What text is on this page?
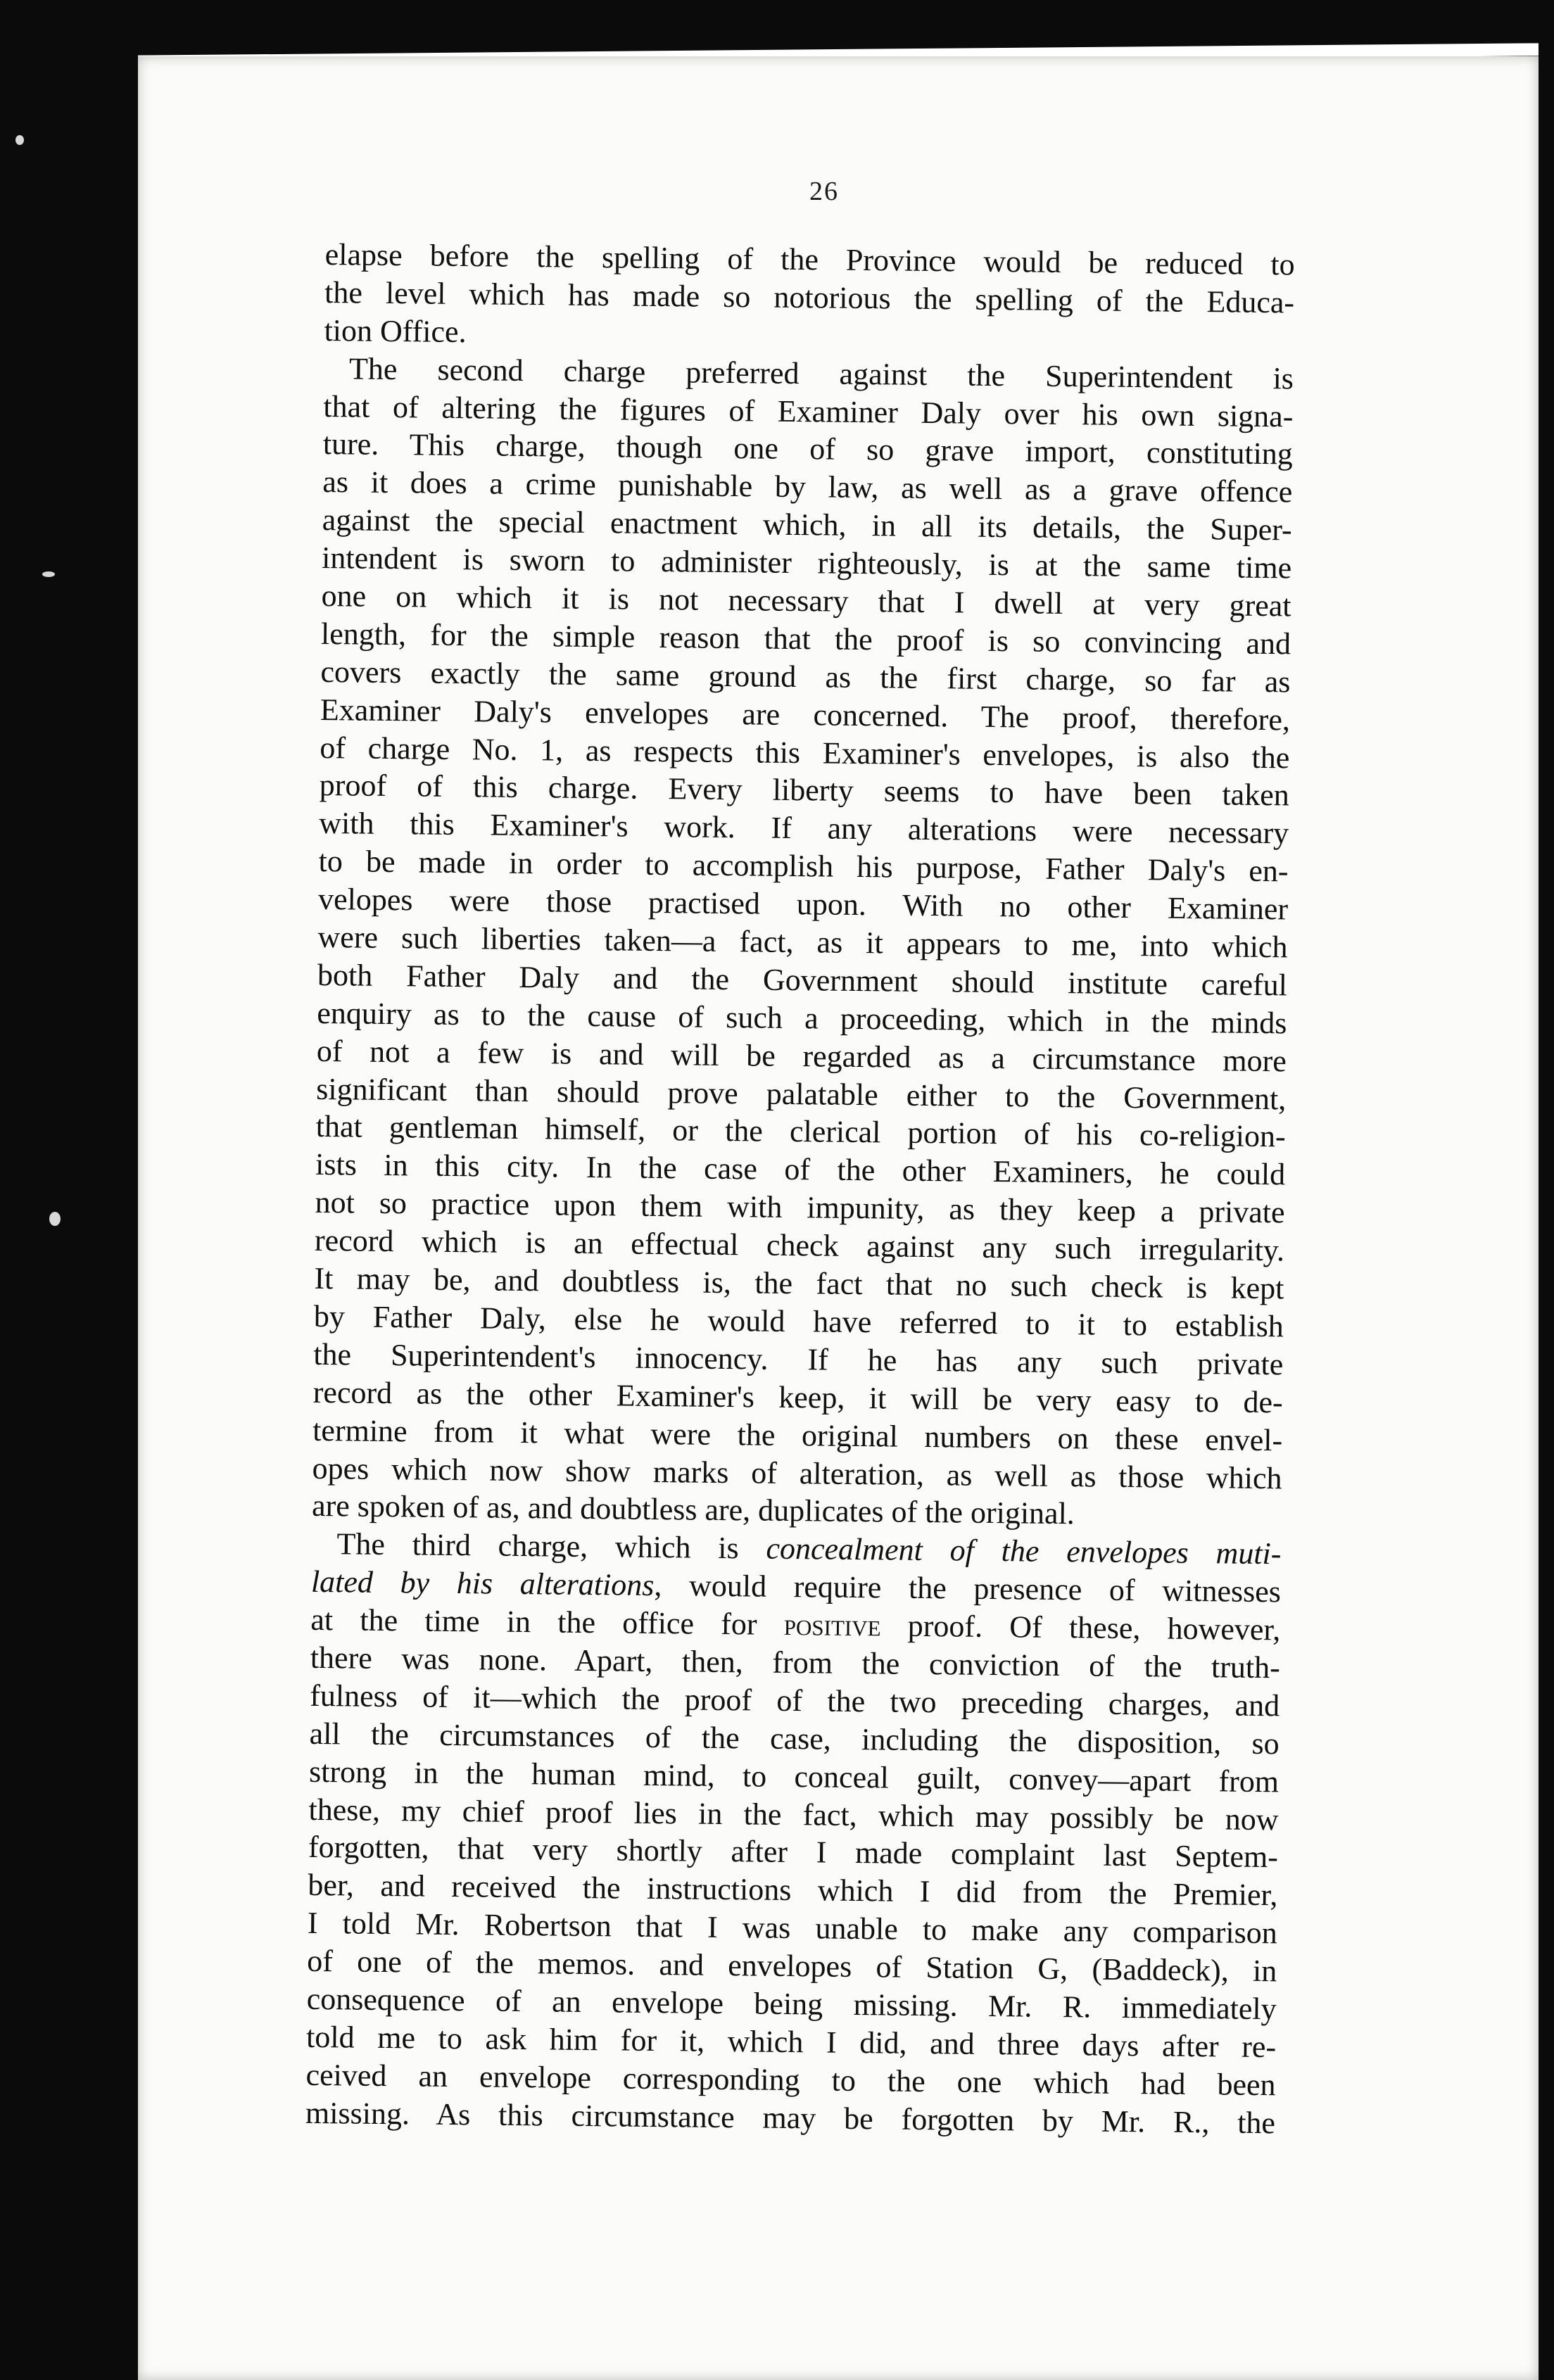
26
elapse before the spelling of the Province would be reduced to
the level which has made so notorious the spelling of the Educa-
tion Office.
The second charge preferred against the Superintendent is
that of altering the figures of Examiner Daly over his own signa-
ture. This charge, though one of so grave import, constituting
as it does a crime punishable by law, as well as a grave offence
against the special enactment which, in all its details, the Super-
intendent is sworn to administer righteously, is at the same time
one on which it is not necessary that I dwell at very great
length, for the simple reason that the proof is so convincing and
covers exactly the same ground as the first charge, so far as
Examiner Daly's envelopes are concerned. The proof, therefore,
of charge No. 1, as respects this Examiner's envelopes, is also the
proof of this charge. Every liberty seems to have been taken
with this Examiner's work. If any alterations were necessary
to be made in order to accomplish his purpose, Father Daly's en-
velopes were those practised upon. With no other Examiner
were such liberties taken—a fact, as it appears to me, into which
both Father Daly and the Government should institute careful
enquiry as to the cause of such a proceeding, which in the minds
of not a few is and will be regarded as a circumstance more
significant than should prove palatable either to the Government,
that gentleman himself, or the clerical portion of his co-religion-
ists in this city. In the case of the other Examiners, he could
not so practice upon them with impunity, as they keep a private
record which is an effectual check against any such irregularity.
It may be, and doubtless is, the fact that no such check is kept
by Father Daly, else he would have referred to it to establish
the Superintendent's innocency. If he has any such private
record as the other Examiner's keep, it will be very easy to de-
termine from it what were the original numbers on these envel-
opes which now show marks of alteration, as well as those which
are spoken of as, and doubtless are, duplicates of the original.
The third charge, which is concealment of the envelopes muti-
lated by his alterations, would require the presence of witnesses
at the time in the office for positive proof. Of these, however,
there was none. Apart, then, from the conviction of the truth-
fulness of it—which the proof of the two preceding charges, and
all the circumstances of the case, including the disposition, so
strong in the human mind, to conceal guilt, convey—apart from
these, my chief proof lies in the fact, which may possibly be now
forgotten, that very shortly after I made complaint last Septem-
ber, and received the instructions which I did from the Premier,
I told Mr. Robertson that I was unable to make any comparison
of one of the memos. and envelopes of Station G, (Baddeck), in
consequence of an envelope being missing. Mr. R. immediately
told me to ask him for it, which I did, and three days after re-
ceived an envelope corresponding to the one which had been
missing. As this circumstance may be forgotten by Mr. R., the
